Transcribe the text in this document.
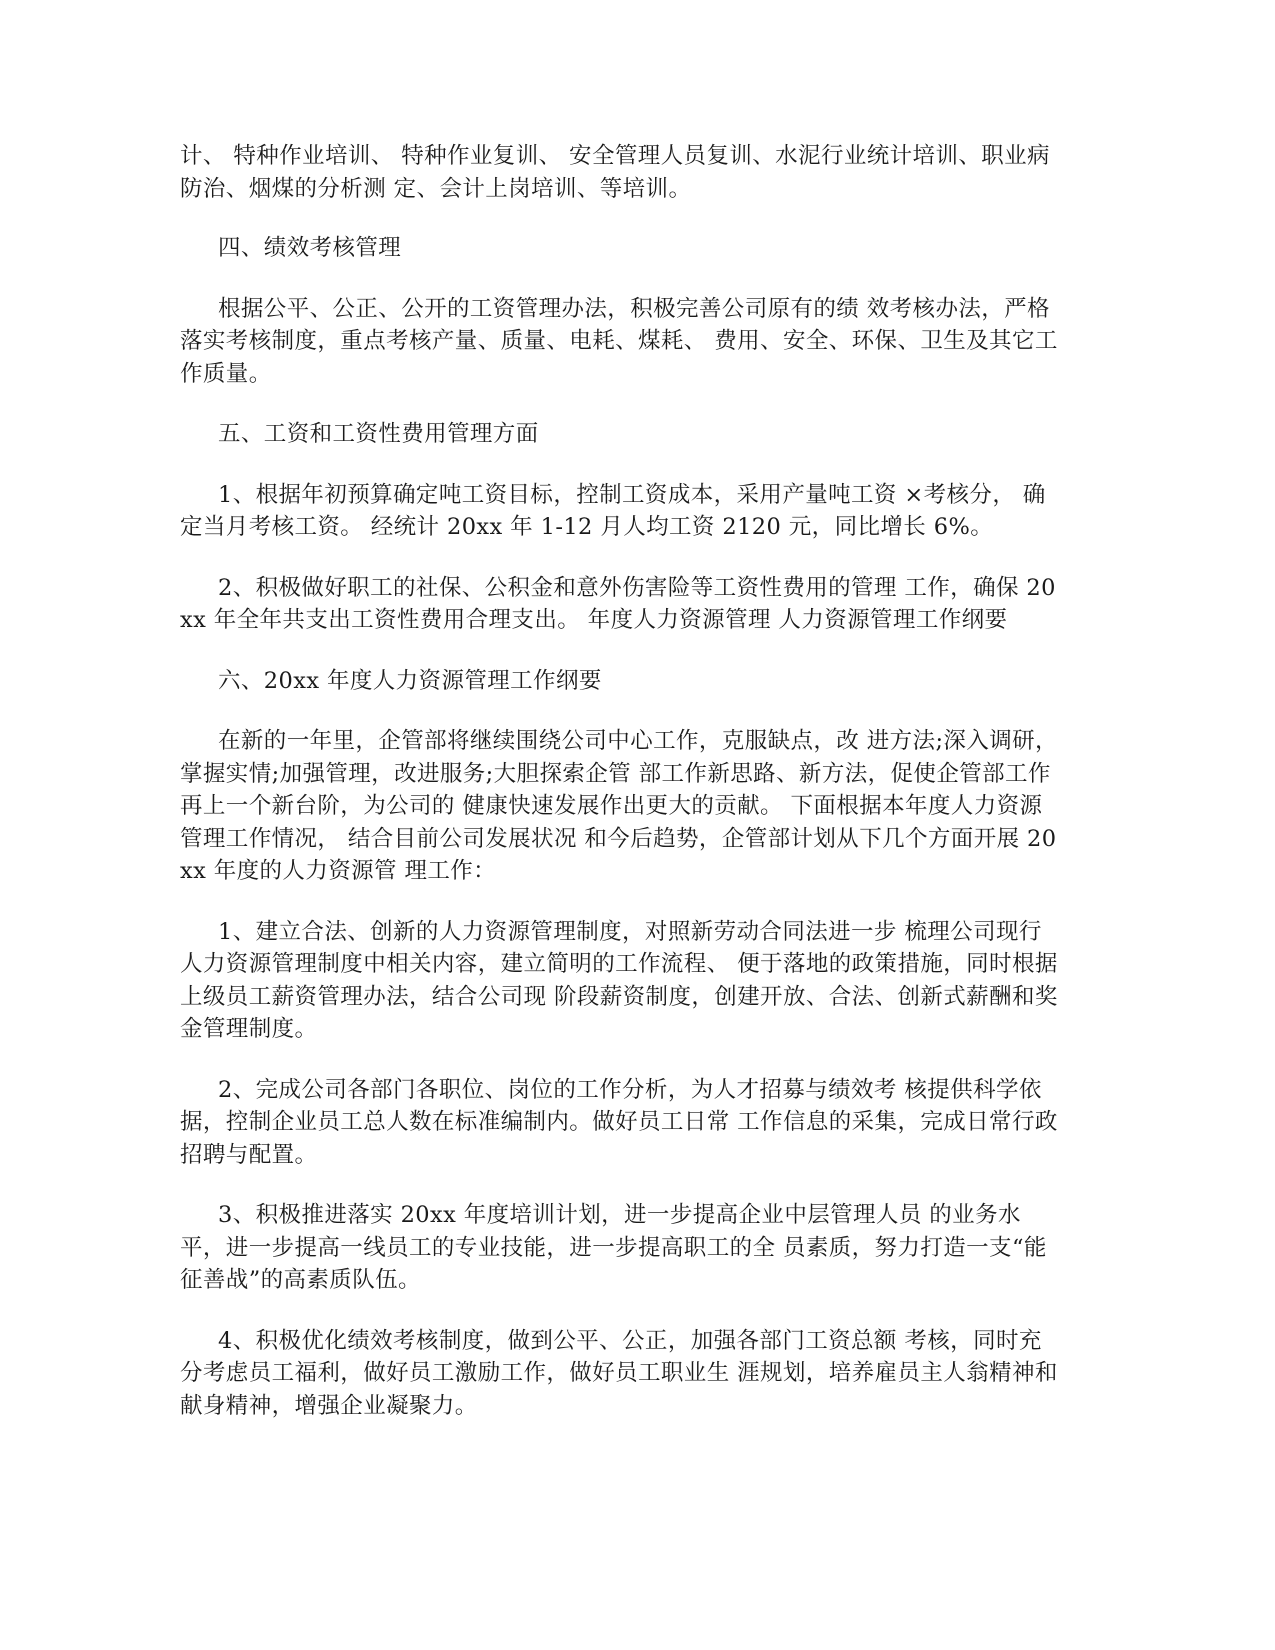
计、 特种作业培训、 特种作业复训、 安全管理人员复训、水泥行业统计培训、职业病防治、烟煤的分析测 定、会计上岗培训、等培训。

四、绩效考核管理

根据公平、公正、公开的工资管理办法，积极完善公司原有的绩 效考核办法，严格落实考核制度，重点考核产量、质量、电耗、煤耗、 费用、安全、环保、卫生及其它工作质量。

五、工资和工资性费用管理方面

1、根据年初预算确定吨工资目标，控制工资成本，采用产量吨工资 ×考核分， 确定当月考核工资。 经统计 20xx 年 1-12 月人均工资 2120 元，同比增长 6%。

2、积极做好职工的社保、公积金和意外伤害险等工资性费用的管理 工作，确保 20xx 年全年共支出工资性费用合理支出。 年度人力资源管理 人力资源管理工作纲要

六、20xx 年度人力资源管理工作纲要

在新的一年里，企管部将继续围绕公司中心工作，克服缺点，改 进方法;深入调研，掌握实情;加强管理，改进服务;大胆探索企管 部工作新思路、新方法，促使企管部工作再上一个新台阶，为公司的 健康快速发展作出更大的贡献。 下面根据本年度人力资源管理工作情况， 结合目前公司发展状况 和今后趋势，企管部计划从下几个方面开展 20xx 年度的人力资源管 理工作：

1、建立合法、创新的人力资源管理制度，对照新劳动合同法进一步 梳理公司现行人力资源管理制度中相关内容，建立简明的工作流程、 便于落地的政策措施，同时根据上级员工薪资管理办法，结合公司现 阶段薪资制度，创建开放、合法、创新式薪酬和奖金管理制度。

2、完成公司各部门各职位、岗位的工作分析，为人才招募与绩效考 核提供科学依据，控制企业员工总人数在标准编制内。做好员工日常 工作信息的采集，完成日常行政招聘与配置。

3、积极推进落实 20xx 年度培训计划，进一步提高企业中层管理人员 的业务水平，进一步提高一线员工的专业技能，进一步提高职工的全 员素质，努力打造一支“能征善战”的高素质队伍。

4、积极优化绩效考核制度，做到公平、公正，加强各部门工资总额 考核，同时充分考虑员工福利，做好员工激励工作，做好员工职业生 涯规划，培养雇员主人翁精神和献身精神，增强企业凝聚力。
